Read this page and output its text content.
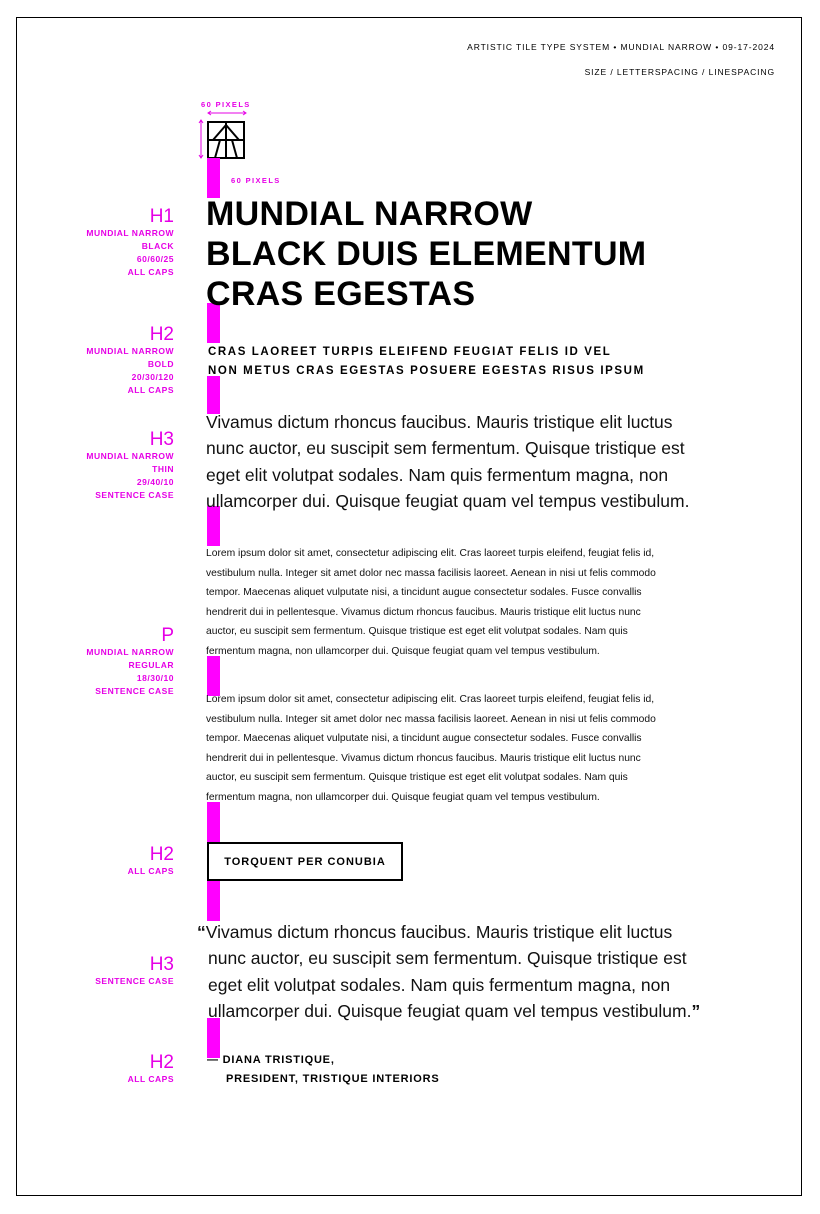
ARTISTIC TILE TYPE SYSTEM • MUNDIAL NARROW • 09-17-2024
SIZE / LETTERSPACING / LINESPACING
60 PIXELS
60 PIXELS
H1
MUNDIAL NARROW
BLACK
60/60/25
ALL CAPS
H2
MUNDIAL NARROW
BOLD
20/30/120
ALL CAPS
H3
MUNDIAL NARROW
THIN
29/40/10
SENTENCE CASE
P
MUNDIAL NARROW
REGULAR
18/30/10
SENTENCE CASE
H2
ALL CAPS
H3
SENTENCE CASE
H2
ALL CAPS
MUNDIAL NARROW
BLACK DUIS ELEMENTUM
CRAS EGESTAS
CRAS LAOREET TURPIS ELEIFEND FEUGIAT FELIS ID VEL
NON METUS CRAS EGESTAS POSUERE EGESTAS RISUS IPSUM
Vivamus dictum rhoncus faucibus. Mauris tristique elit luctus
nunc auctor, eu suscipit sem fermentum. Quisque tristique est
eget elit volutpat sodales. Nam quis fermentum magna, non
ullamcorper dui. Quisque feugiat quam vel tempus vestibulum.
Lorem ipsum dolor sit amet, consectetur adipiscing elit. Cras laoreet turpis eleifend, feugiat felis id,
vestibulum nulla. Integer sit amet dolor nec massa facilisis laoreet. Aenean in nisi ut felis commodo
tempor. Maecenas aliquet vulputate nisi, a tincidunt augue consectetur sodales. Fusce convallis
hendrerit dui in pellentesque. Vivamus dictum rhoncus faucibus. Mauris tristique elit luctus nunc
auctor, eu suscipit sem fermentum. Quisque tristique est eget elit volutpat sodales. Nam quis
fermentum magna, non ullamcorper dui. Quisque feugiat quam vel tempus vestibulum.
Lorem ipsum dolor sit amet, consectetur adipiscing elit. Cras laoreet turpis eleifend, feugiat felis id,
vestibulum nulla. Integer sit amet dolor nec massa facilisis laoreet. Aenean in nisi ut felis commodo
tempor. Maecenas aliquet vulputate nisi, a tincidunt augue consectetur sodales. Fusce convallis
hendrerit dui in pellentesque. Vivamus dictum rhoncus faucibus. Mauris tristique elit luctus nunc
auctor, eu suscipit sem fermentum. Quisque tristique est eget elit volutpat sodales. Nam quis
fermentum magna, non ullamcorper dui. Quisque feugiat quam vel tempus vestibulum.
TORQUENT PER CONUBIA
“Vivamus dictum rhoncus faucibus. Mauris tristique elit luctus
nunc auctor, eu suscipit sem fermentum. Quisque tristique est
eget elit volutpat sodales. Nam quis fermentum magna, non
ullamcorper dui. Quisque feugiat quam vel tempus vestibulum.”
— DIANA TRISTIQUE,
PRESIDENT, TRISTIQUE INTERIORS
